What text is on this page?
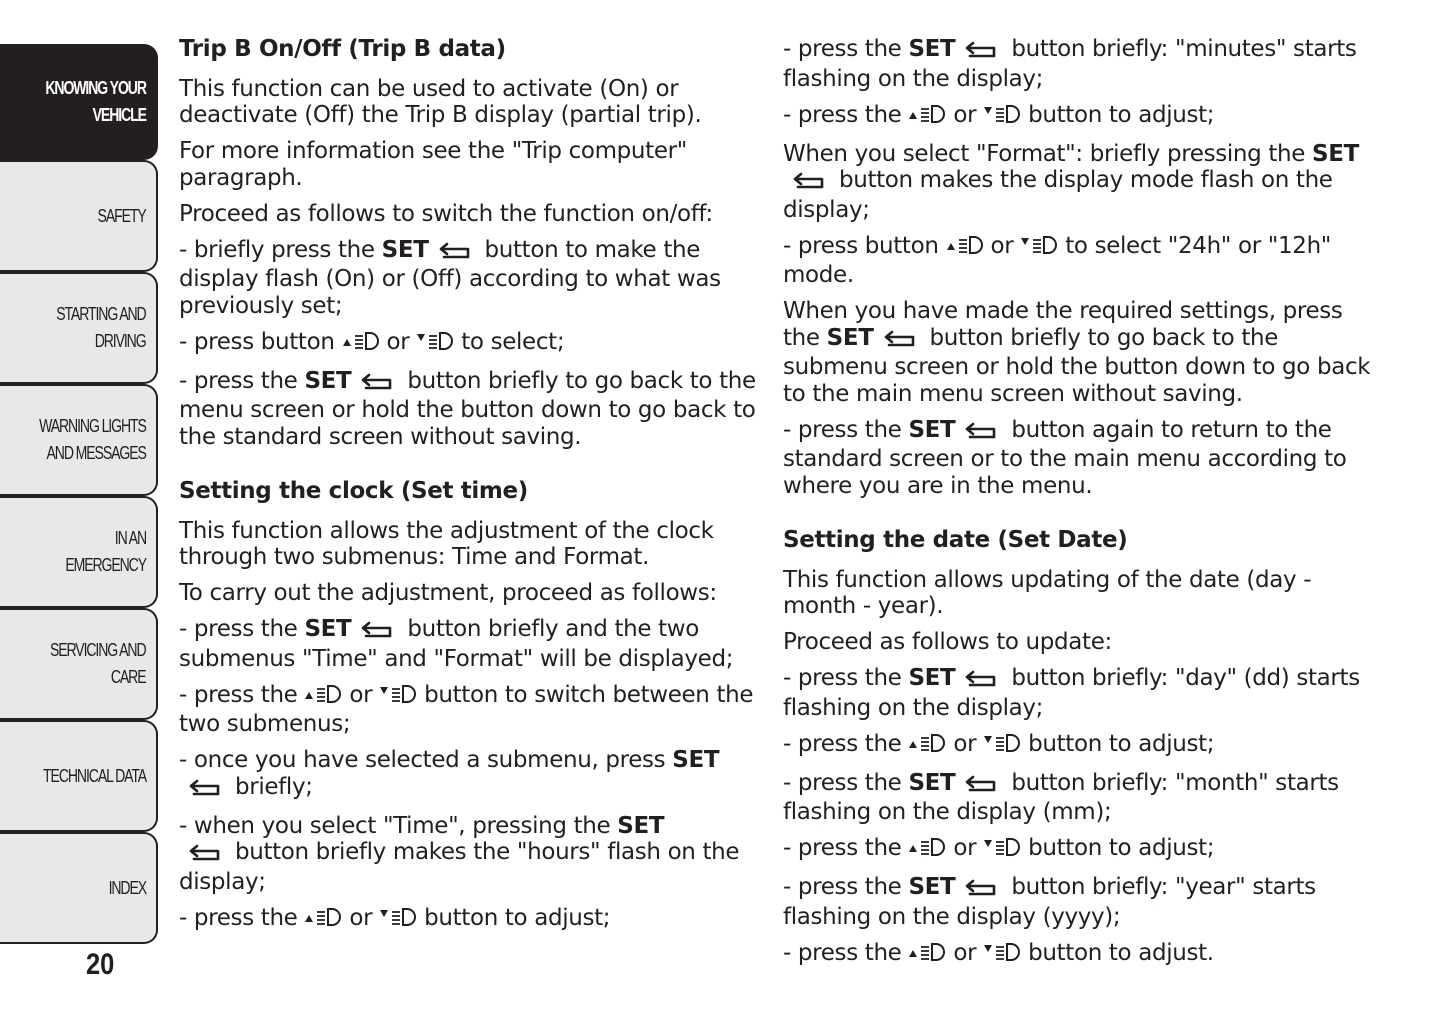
KNOWING YOUR
VEHICLE
SAFETY
STARTING AND
DRIVING
WARNING LIGHTS
AND MESSAGES
IN AN EMERGENCY
SERVICING AND
CARE
TECHNICAL DATA
INDEX
20
Trip B On/Off (Trip B data)

This function can be used to activate (On) or deactivate (Off) the Trip B display (partial trip).

For more information see the "Trip computer" paragraph.

Proceed as follows to switch the function on/off:

- briefly press the SET button to make the display flash (On) or (Off) according to what was previously set;

- press button  or  to select;

- press the SET button briefly to go back to the menu screen or hold the button down to go back to the standard screen without saving.

Setting the clock (Set time)

This function allows the adjustment of the clock through two submenus: Time and Format.

To carry out the adjustment, proceed as follows:

- press the SET button briefly and the two submenus "Time" and "Format" will be displayed;

- press the  or  button to switch between the two submenus;

- once you have selected a submenu, press SET
briefly;

- when you select "Time", pressing the SET
button briefly makes the "hours" flash on the display;

- press the  or  button to adjust;

- press the SET button briefly: "minutes" starts flashing on the display;

- press the  or  button to adjust;

When you select "Format": briefly pressing the SET
button makes the display mode flash on the display;

- press button  or  to select "24h" or "12h" mode.

When you have made the required settings, press the SET button briefly to go back to the submenu screen or hold the button down to go back to the main menu screen without saving.

- press the SET button again to return to the standard screen or to the main menu according to where you are in the menu.

Setting the date (Set Date)

This function allows updating of the date (day - month - year).

Proceed as follows to update:

- press the SET button briefly: "day" (dd) starts flashing on the display;

- press the  or  button to adjust;

- press the SET button briefly: "month" starts flashing on the display (mm);

- press the  or  button to adjust;

- press the SET button briefly: "year" starts flashing on the display (yyyy);

- press the  or  button to adjust.
